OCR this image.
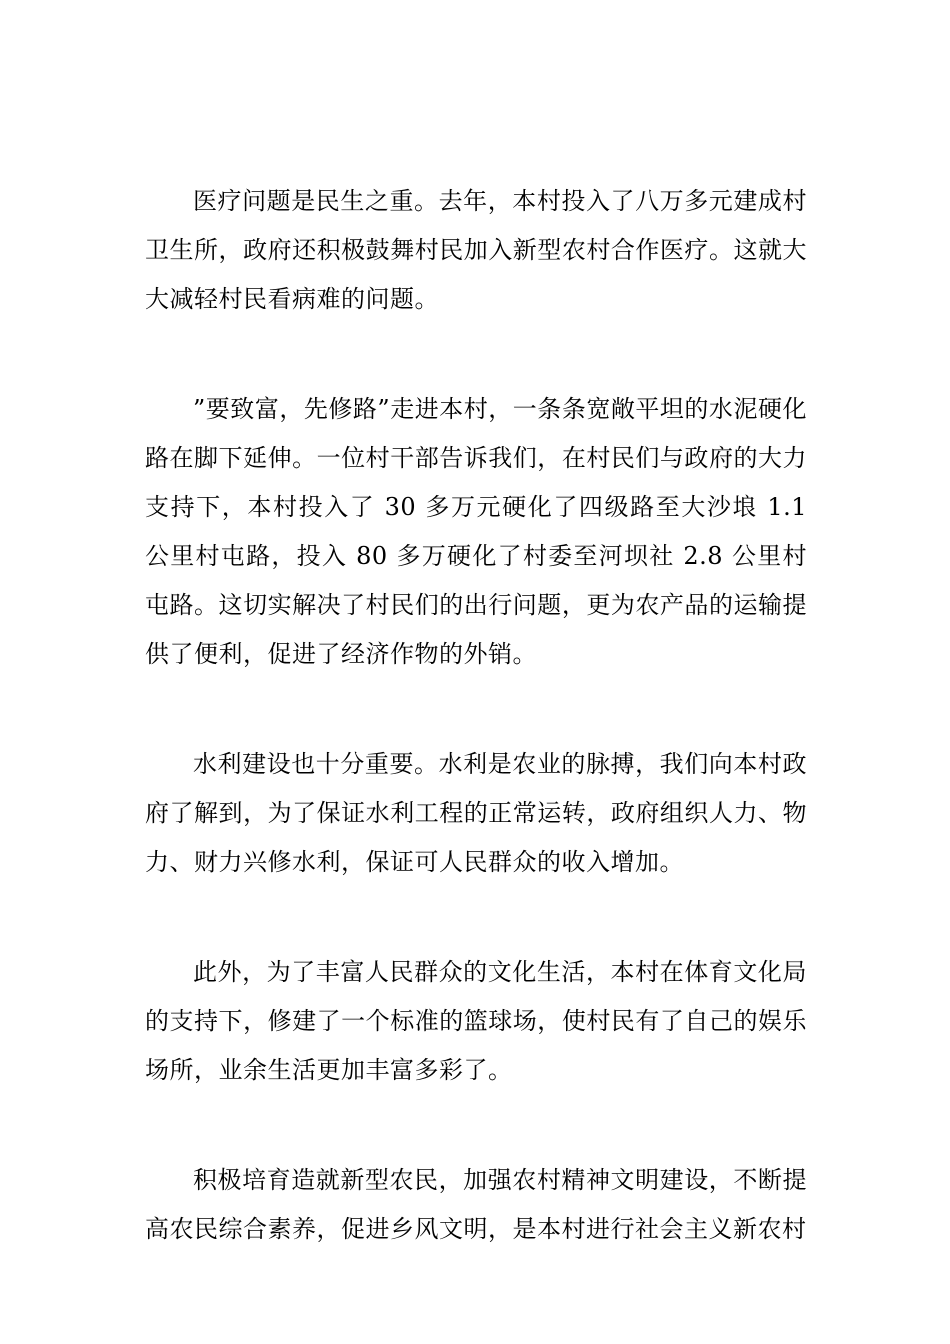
医疗问题是民生之重。去年，本村投入了八万多元建成村卫生所，政府还积极鼓舞村民加入新型农村合作医疗。这就大大减轻村民看病难的问题。

”要致富，先修路”走进本村，一条条宽敞平坦的水泥硬化路在脚下延伸。一位村干部告诉我们，在村民们与政府的大力支持下，本村投入了 30 多万元硬化了四级路至大沙埌 1.1 公里村屯路，投入 80 多万硬化了村委至河坝社 2.8 公里村屯路。这切实解决了村民们的出行问题，更为农产品的运输提供了便利，促进了经济作物的外销。

水利建设也十分重要。水利是农业的脉搏，我们向本村政府了解到，为了保证水利工程的正常运转，政府组织人力、物力、财力兴修水利，保证可人民群众的收入增加。

此外，为了丰富人民群众的文化生活，本村在体育文化局的支持下，修建了一个标准的篮球场，使村民有了自己的娱乐场所，业余生活更加丰富多彩了。

积极培育造就新型农民，加强农村精神文明建设，不断提高农民综合素养，促进乡风文明，是本村进行社会主义新农村
